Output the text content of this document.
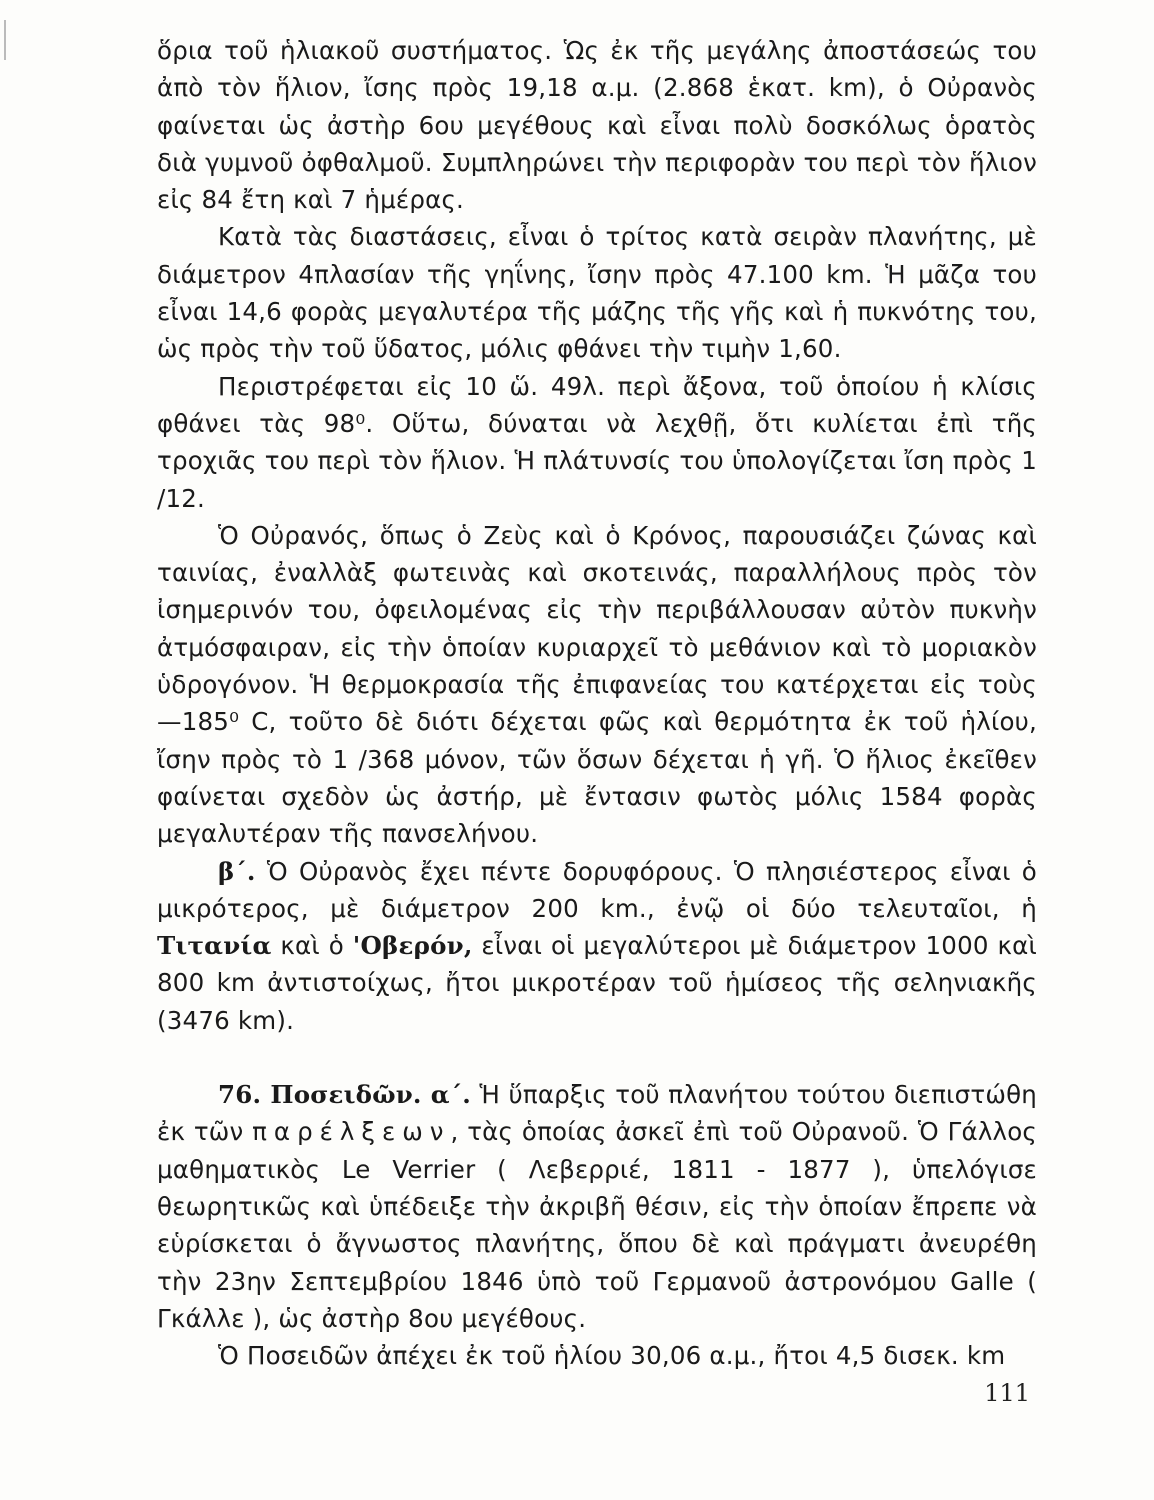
ὅρια τοῦ ἡλιακοῦ συστήματος. Ὡς ἐκ τῆς μεγάλης ἀποστάσεώς του ἀπὸ τὸν ἥλιον, ἴσης πρὸς 19,18 α.μ. (2.868 ἑκατ. km), ὁ Οὐρανὸς φαίνεται ὡς ἀστὴρ 6ου μεγέθους καὶ εἶναι πολὺ δοσκόλως ὁρατὸς διὰ γυμνοῦ ὀφθαλμοῦ. Συμπληρώνει τὴν περιφορὰν του περὶ τὸν ἥλιον εἰς 84 ἔτη καὶ 7 ἡμέρας.

Κατὰ τὰς διαστάσεις, εἶναι ὁ τρίτος κατὰ σειρὰν πλανήτης, μὲ διάμετρον 4πλασίαν τῆς γηΐνης, ἴσην πρὸς 47.100 km. Ἡ μᾶζα του εἶναι 14,6 φορὰς μεγαλυτέρα τῆς μάζης τῆς γῆς καὶ ἡ πυκνότης του, ὡς πρὸς τὴν τοῦ ὕδατος, μόλις φθάνει τὴν τιμὴν 1,60.

Περιστρέφεται εἰς 10 ὥ. 49λ. περὶ ἄξονα, τοῦ ὁποίου ἡ κλίσις φθάνει τὰς 98⁰. Οὕτω, δύναται νὰ λεχθῇ, ὅτι κυλίεται ἐπὶ τῆς τροχιᾶς του περὶ τὸν ἥλιον. Ἡ πλάτυνσίς του ὑπολογίζεται ἴση πρὸς 1 /12.

Ὁ Οὐρανός, ὅπως ὁ Ζεὺς καὶ ὁ Κρόνος, παρουσιάζει ζώνας καὶ ταινίας, ἐναλλὰξ φωτεινὰς καὶ σκοτεινάς, παραλλήλους πρὸς τὸν ἰσημερινόν του, ὀφειλομένας εἰς τὴν περιβάλλουσαν αὐτὸν πυκνὴν ἀτμόσφαιραν, εἰς τὴν ὁποίαν κυριαρχεῖ τὸ μεθάνιον καὶ τὸ μοριακὸν ὑδρογόνον. Ἡ θερμοκρασία τῆς ἐπιφανείας του κατέρχεται εἰς τοὺς —185⁰ C, τοῦτο δὲ διότι δέχεται φῶς καὶ θερμότητα ἐκ τοῦ ἡλίου, ἴσην πρὸς τὸ 1 /368 μόνον, τῶν ὅσων δέχεται ἡ γῆ. Ὁ ἥλιος ἐκεῖθεν φαίνεται σχεδὸν ὡς ἀστήρ, μὲ ἔντασιν φωτὸς μόλις 1584 φορὰς μεγαλυτέραν τῆς πανσελήνου.

β΄. Ὁ Οὐρανὸς ἔχει πέντε δορυφόρους. Ὁ πλησιέστερος εἶναι ὁ μικρότερος, μὲ διάμετρον 200 km., ἐνῷ οἱ δύο τελευταῖοι, ἡ Τιτανία καὶ ὁ 'Οβερόν, εἶναι οἱ μεγαλύτεροι μὲ διάμετρον 1000 καὶ 800 km ἀντιστοίχως, ἤτοι μικροτέραν τοῦ ἡμίσεος τῆς σεληνιακῆς (3476 km).

76. Ποσειδῶν. α΄. Ἡ ὕπαρξις τοῦ πλανήτου τούτου διεπιστώθη ἐκ τῶν παρέλξεων, τὰς ὁποίας ἀσκεῖ ἐπὶ τοῦ Οὐρανοῦ. Ὁ Γάλλος μαθηματικὸς Le Verrier ( Λεβερριέ, 1811 - 1877 ), ὑπελόγισε θεωρητικῶς καὶ ὑπέδειξε τὴν ἀκριβῆ θέσιν, εἰς τὴν ὁποίαν ἔπρεπε νὰ εὑρίσκεται ὁ ἄγνωστος πλανήτης, ὅπου δὲ καὶ πράγματι ἀνευρέθη τὴν 23ην Σεπτεμβρίου 1846 ὑπὸ τοῦ Γερμανοῦ ἀστρονόμου Galle ( Γκάλλε ), ὡς ἀστὴρ 8ου μεγέθους.

Ὁ Ποσειδῶν ἀπέχει ἐκ τοῦ ἡλίου 30,06 α.μ., ἤτοι 4,5 δισεκ. km

111
